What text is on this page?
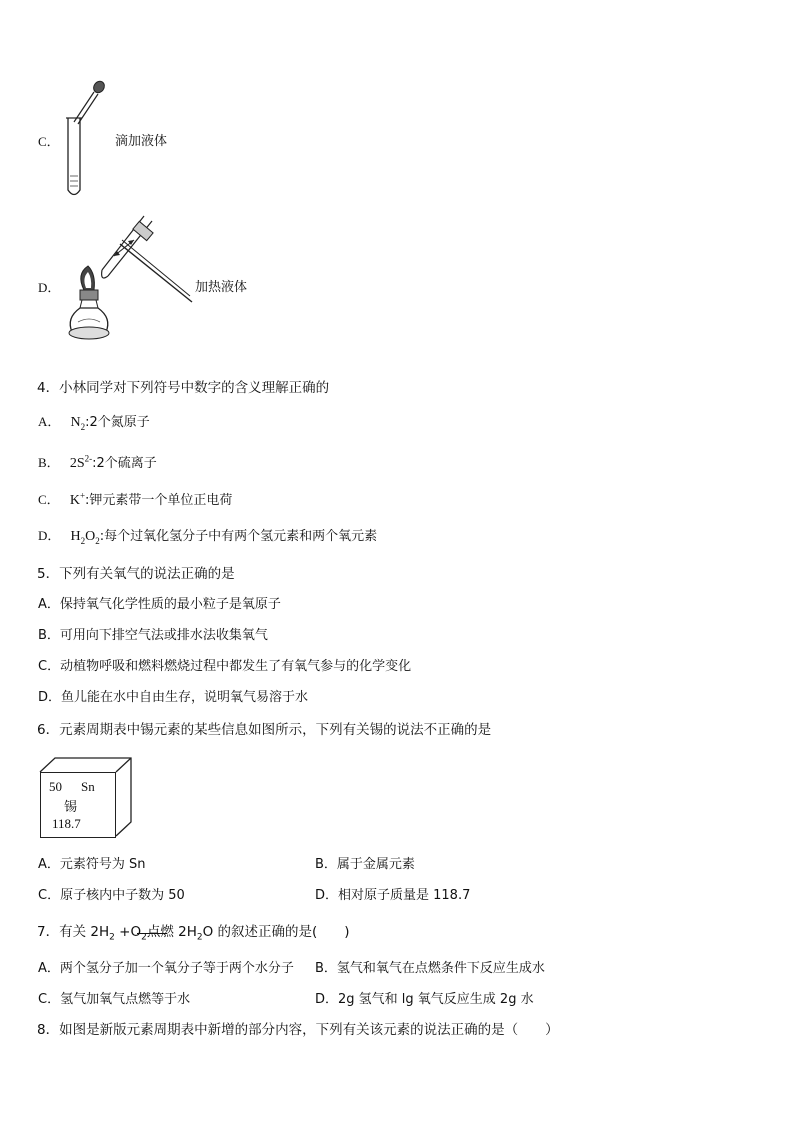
C．	滴加液体
D．	加热液体
4．小林同学对下列符号中数字的含义理解正确的
A． $N_2:2$个氮原子
B． $2S^{2-}:2$个硫离子
C． K+:钾元素带一个单位正电荷
D． $H_2O_2$:每个过氧化氢分子中有两个氢元素和两个氧元素
5．下列有关氧气的说法正确的是
A．保持氧气化学性质的最小粒子是氧原子
B．可用向下排空气法或排水法收集氧气
C．动植物呼吸和燃料燃烧过程中都发生了有氧气参与的化学变化
D．鱼儿能在水中自由生存，说明氧气易溶于水
6．元素周期表中锡元素的某些信息如图所示，下列有关锡的说法不正确的是
50 Sn
锡
118.7
A．元素符号为 Sn	B．属于金属元素
C．原子核内中子数为 50	D．相对原子质量是 118.7
7．有关 $2H_2 +O_2$点燃 $2H_2O$ 的叙述正确的是(　　)
A．两个氢分子加一个氧分子等于两个水分子 B．氢气和氧气在点燃条件下反应生成水
C．氢气加氧气点燃等于水	D．2g 氢气和 lg 氧气反应生成 2g 水
8．如图是新版元素周期表中新增的部分内容，下列有关该元素的说法正确的是（　　）
